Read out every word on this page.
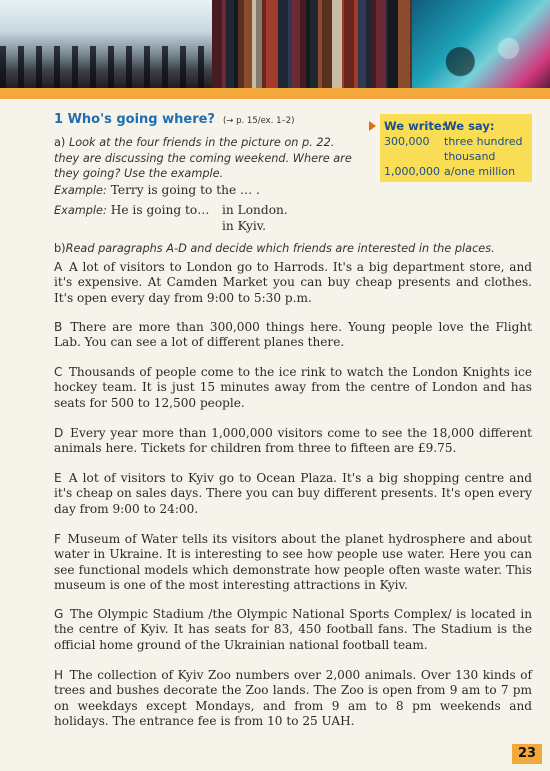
1 Who's going where? (→ p. 15/ex. 1–2)
a) Look at the four friends in the picture on p. 22. they are discussing the coming weekend. Where are they going? Use the example.
Example: Terry is going to the … .
Example: He is going to… in London.
in Kyiv.
We write:
We say:
300,000 three hundred
thousand
1,000,000 a/one million
b)Read paragraphs A-D and decide which friends are interested in the places.
A A lot of visitors to London go to Harrods. It's a big department store, and it's expensive. At Camden Market you can buy cheap presents and clothes. It's open every day from 9:00 to 5:30 p.m.
B There are more than 300,000 things here. Young people love the Flight Lab. You can see a lot of different planes there.
C Thousands of people come to the ice rink to watch the London Knights ice hockey team. It is just 15 minutes away from the centre of London and has seats for 500 to 12,500 people.
D Every year more than 1,000,000 visitors come to see the 18,000 different animals here. Tickets for children from three to fifteen are £9.75.
E A lot of visitors to Kyiv go to Ocean Plaza. It's a big shopping centre and it's cheap on sales days. There you can buy different presents. It's open every day from 9:00 to 24:00.
F Museum of Water tells its visitors about the planet hydrosphere and about water in Ukraine. It is interesting to see how people use water. Here you can see functional models which demonstrate how people often waste water. This museum is one of the most interesting attractions in Kyiv.
G The Olympic Stadium /the Olympic National Sports Complex/ is located in the centre of Kyiv. It has seats for 83, 450 football fans. The Stadium is the official home ground of the Ukrainian national football team.
H The collection of Kyiv Zoo numbers over 2,000 animals. Over 130 kinds of trees and bushes decorate the Zoo lands. The Zoo is open from 9 am to 7 pm on weekdays except Mondays, and from 9 am to 8 pm weekends and holidays. The entrance fee is from 10 to 25 UAH.
23
